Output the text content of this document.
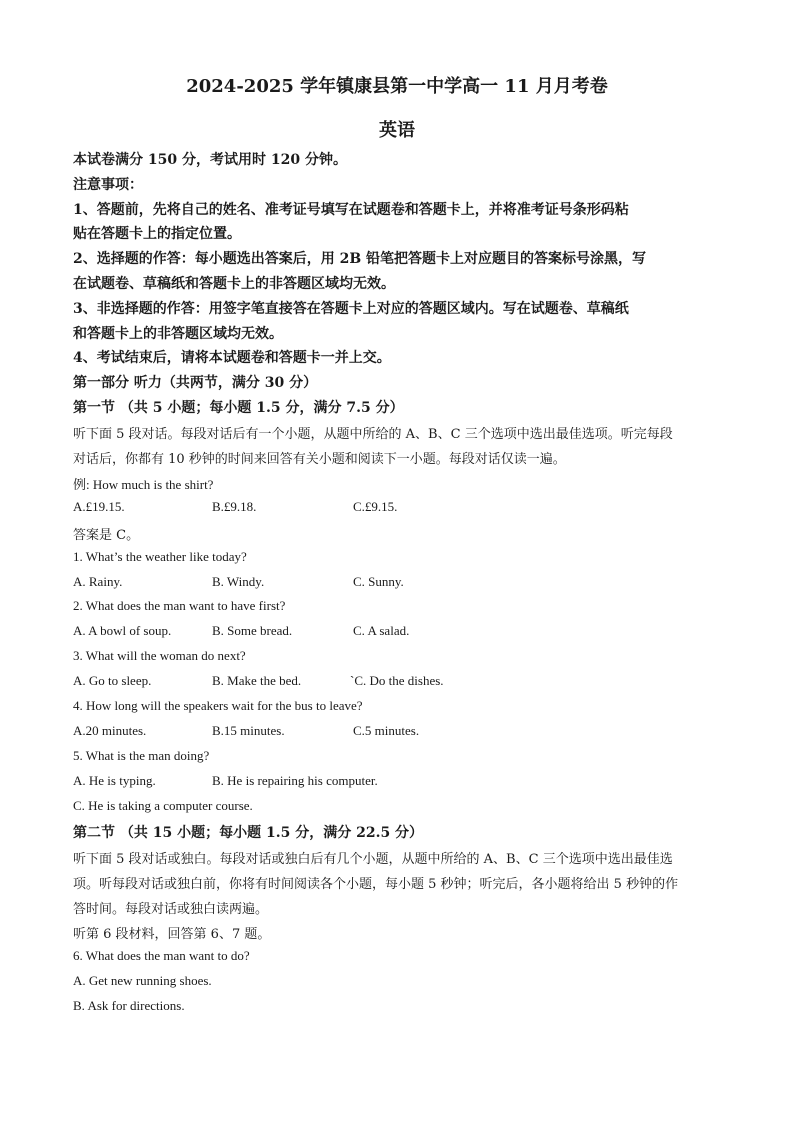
2024-2025 学年镇康县第一中学高一 11 月月考卷
英语
本试卷满分 150 分，考试用时 120 分钟。
注意事项：
1、答题前，先将自己的姓名、准考证号填写在试题卷和答题卡上，并将准考证号条形码粘
贴在答题卡上的指定位置。
2、选择题的作答：每小题选出答案后，用 2B 铅笔把答题卡上对应题目的答案标号涂黑，写
在试题卷、草稿纸和答题卡上的非答题区域均无效。
3、非选择题的作答：用签字笔直接答在答题卡上对应的答题区域内。写在试题卷、草稿纸
和答题卡上的非答题区域均无效。
4、考试结束后，请将本试题卷和答题卡一并上交。
第一部分 听力（共两节，满分 30 分）
第一节 （共 5 小题；每小题 1.5 分，满分 7.5 分）
听下面 5 段对话。每段对话后有一个小题，从题中所给的 A、B、C 三个选项中选出最佳选项。听完每段
对话后，你都有 10 秒钟的时间来回答有关小题和阅读下一小题。每段对话仅读一遍。
例: How much is the shirt?
A.£19.15.	B.£9.18.	C.£9.15.
答案是 C。
1. What’s the weather like today?
A. Rainy.	B. Windy.	C. Sunny.
2. What does the man want to have first?
A. A bowl of soup.	B. Some bread.	C. A salad.
3. What will the woman do next?
A. Go to sleep.	B. Make the bed.	`C. Do the dishes.
4. How long will the speakers wait for the bus to leave?
A.20 minutes.	B.15 minutes.	C.5 minutes.
5. What is the man doing?
A. He is typing.	B. He is repairing his computer.
C. He is taking a computer course.
第二节 （共 15 小题；每小题 1.5 分，满分 22.5 分）
听下面 5 段对话或独白。每段对话或独白后有几个小题，从题中所给的 A、B、C 三个选项中选出最佳选
项。听每段对话或独白前，你将有时间阅读各个小题，每小题 5 秒钟；听完后，各小题将给出 5 秒钟的作
答时间。每段对话或独白读两遍。
听第 6 段材料，回答第 6、7 题。
6. What does the man want to do?
A. Get new running shoes.
B. Ask for directions.
